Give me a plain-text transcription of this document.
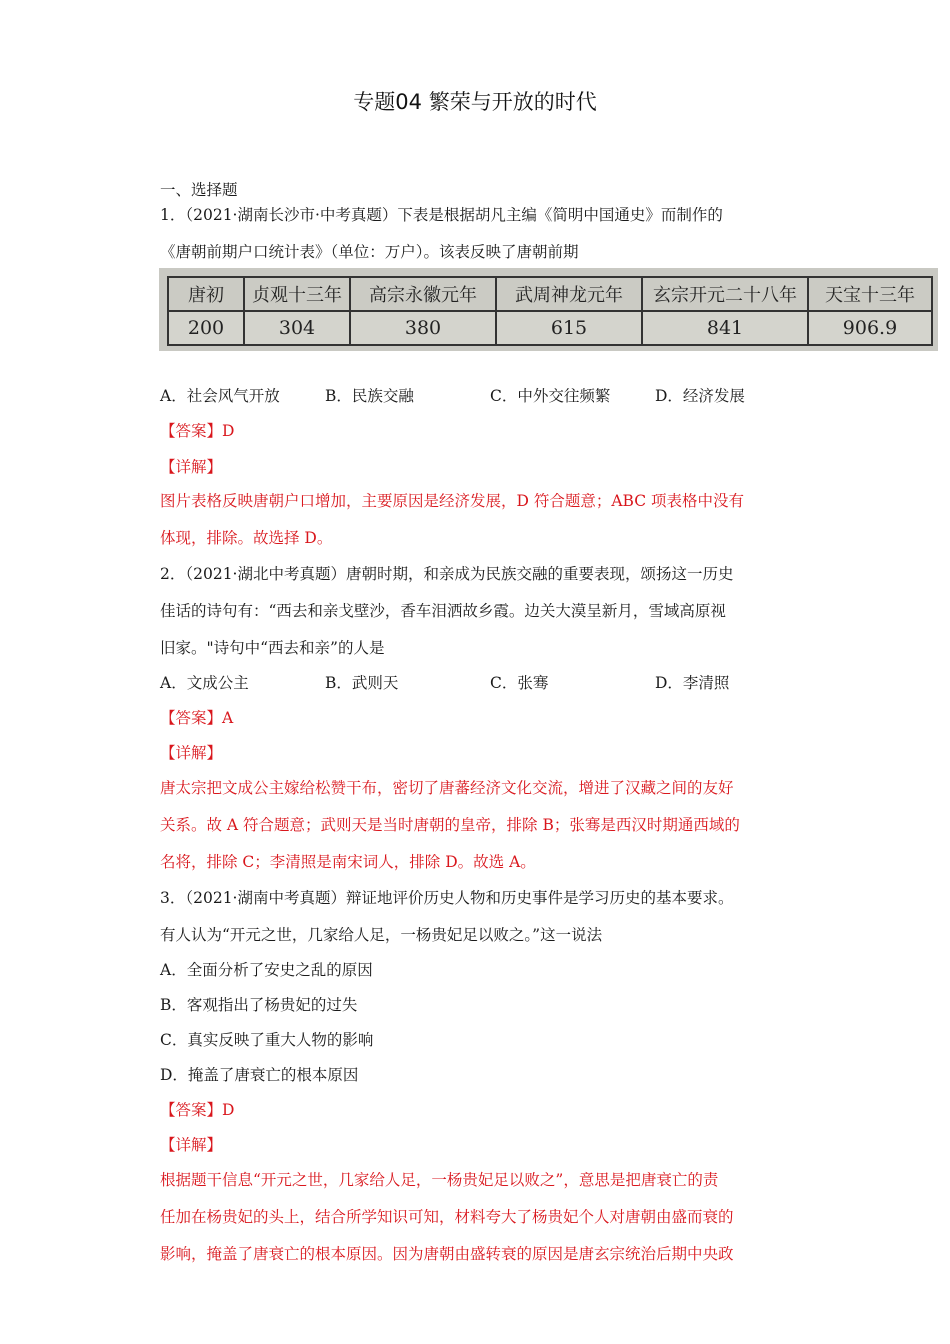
专题04 繁荣与开放的时代
一、选择题
1．（2021·湖南长沙市·中考真题）下表是根据胡凡主编《简明中国通史》而制作的
《唐朝前期户口统计表》（单位：万户）。该表反映了唐朝前期
唐初	贞观十三年	高宗永徽元年	武周神龙元年	玄宗开元二十八年	天宝十三年
200	304	380	615	841	906.9
A．社会风气开放	B．民族交融	C．中外交往频繁	D．经济发展
【答案】D
【详解】
图片表格反映唐朝户口增加，主要原因是经济发展，D 符合题意；ABC 项表格中没有
体现，排除。故选择 D。
2．（2021·湖北中考真题）唐朝时期，和亲成为民族交融的重要表现，颂扬这一历史
佳话的诗句有：“西去和亲戈壁沙，香车泪洒故乡霞。边关大漠呈新月，雪域高原视
旧家。"诗句中“西去和亲”的人是
A．文成公主	B．武则天	C．张骞	D．李清照
【答案】A
【详解】
唐太宗把文成公主嫁给松赞干布，密切了唐蕃经济文化交流，增进了汉藏之间的友好
关系。故 A 符合题意；武则天是当时唐朝的皇帝，排除 B；张骞是西汉时期通西域的
名将，排除 C；李清照是南宋词人，排除 D。故选 A。
3．（2021·湖南中考真题）辩证地评价历史人物和历史事件是学习历史的基本要求。
有人认为“开元之世，几家给人足，一杨贵妃足以败之。”这一说法
A．全面分析了安史之乱的原因
B．客观指出了杨贵妃的过失
C．真实反映了重大人物的影响
D．掩盖了唐衰亡的根本原因
【答案】D
【详解】
根据题干信息“开元之世，几家给人足，一杨贵妃足以败之”，意思是把唐衰亡的责
任加在杨贵妃的头上，结合所学知识可知，材料夸大了杨贵妃个人对唐朝由盛而衰的
影响，掩盖了唐衰亡的根本原因。因为唐朝由盛转衰的原因是唐玄宗统治后期中央政
